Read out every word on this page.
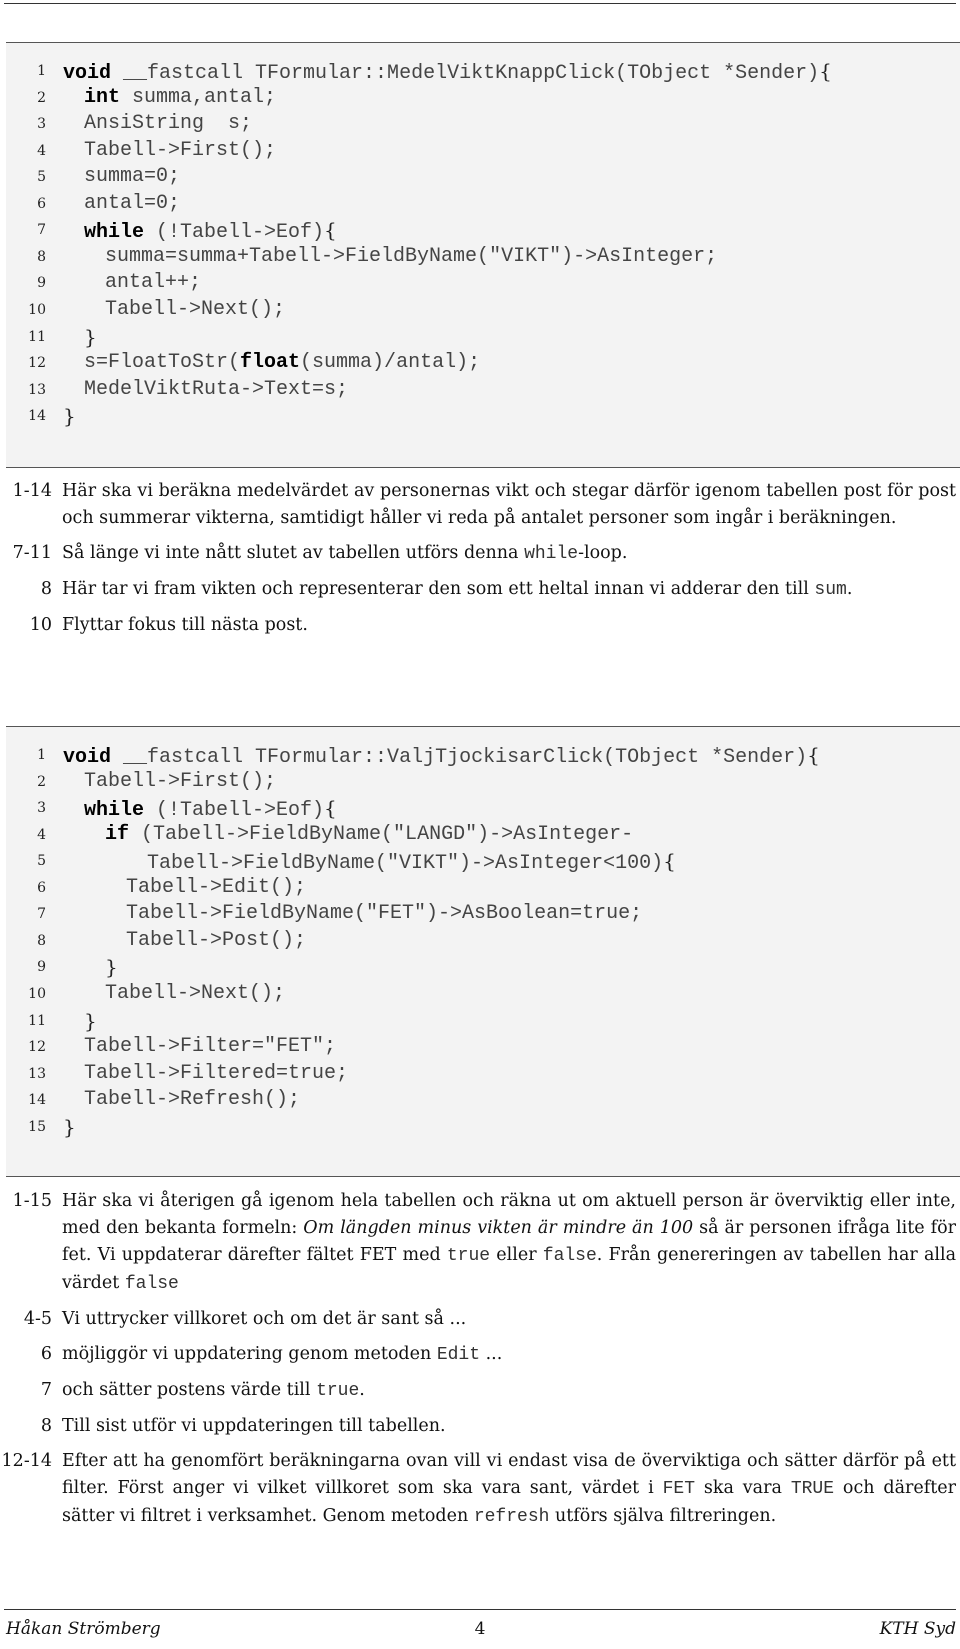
1 void __fastcall TFormular::MedelViktKnappClick(TObject *Sender){
2 int summa,antal;
3 AnsiString  s;
4 Tabell->First();
5 summa=0;
6 antal=0;
7 while (!Tabell->Eof){
8	summa=summa+Tabell->FieldByName("VIKT")->AsInteger;
9	antal++;
10	Tabell->Next();
11 }
12 s=FloatToStr(float(summa)/antal);
13 MedelViktRuta->Text=s;
14 }
1-14 Här ska vi beräkna medelvärdet av personernas vikt och stegar därför igenom tabellen post för post och summerar vikterna, samtidigt håller vi reda på antalet personer som ingår i beräkningen.
7-11 Så länge vi inte nått slutet av tabellen utförs denna while-loop.
8 Här tar vi fram vikten och representerar den som ett heltal innan vi adderar den till sum.
10 Flyttar fokus till nästa post.
1 void __fastcall TFormular::ValjTjockisarClick(TObject *Sender){
2 Tabell->First();
3 while (!Tabell->Eof){
4	if (Tabell->FieldByName("LANGD")->AsInteger-
5	Tabell->FieldByName("VIKT")->AsInteger<100){
6	Tabell->Edit();
7	Tabell->FieldByName("FET")->AsBoolean=true;
8	Tabell->Post();
9	}
10	Tabell->Next();
11 }
12 Tabell->Filter="FET";
13 Tabell->Filtered=true;
14 Tabell->Refresh();
15 }
1-15 Här ska vi återigen gå igenom hela tabellen och räkna ut om aktuell person är överviktig eller inte, med den bekanta formeln: Om längden minus vikten är mindre än 100 så är personen ifråga lite för fet. Vi uppdaterar därefter fältet FET med true eller false. Från genereringen av tabellen har alla värdet false
4-5 Vi uttrycker villkoret och om det är sant så ...
6 möjliggör vi uppdatering genom metoden Edit ...
7 och sätter postens värde till true.
8 Till sist utför vi uppdateringen till tabellen.
12-14 Efter att ha genomfört beräkningarna ovan vill vi endast visa de överviktiga och sätter därför på ett filter. Först anger vi vilket villkoret som ska vara sant, värdet i FET ska vara TRUE och därefter sätter vi filtret i verksamhet. Genom metoden refresh utförs själva filtreringen.
Håkan Strömberg	4	KTH Syd
